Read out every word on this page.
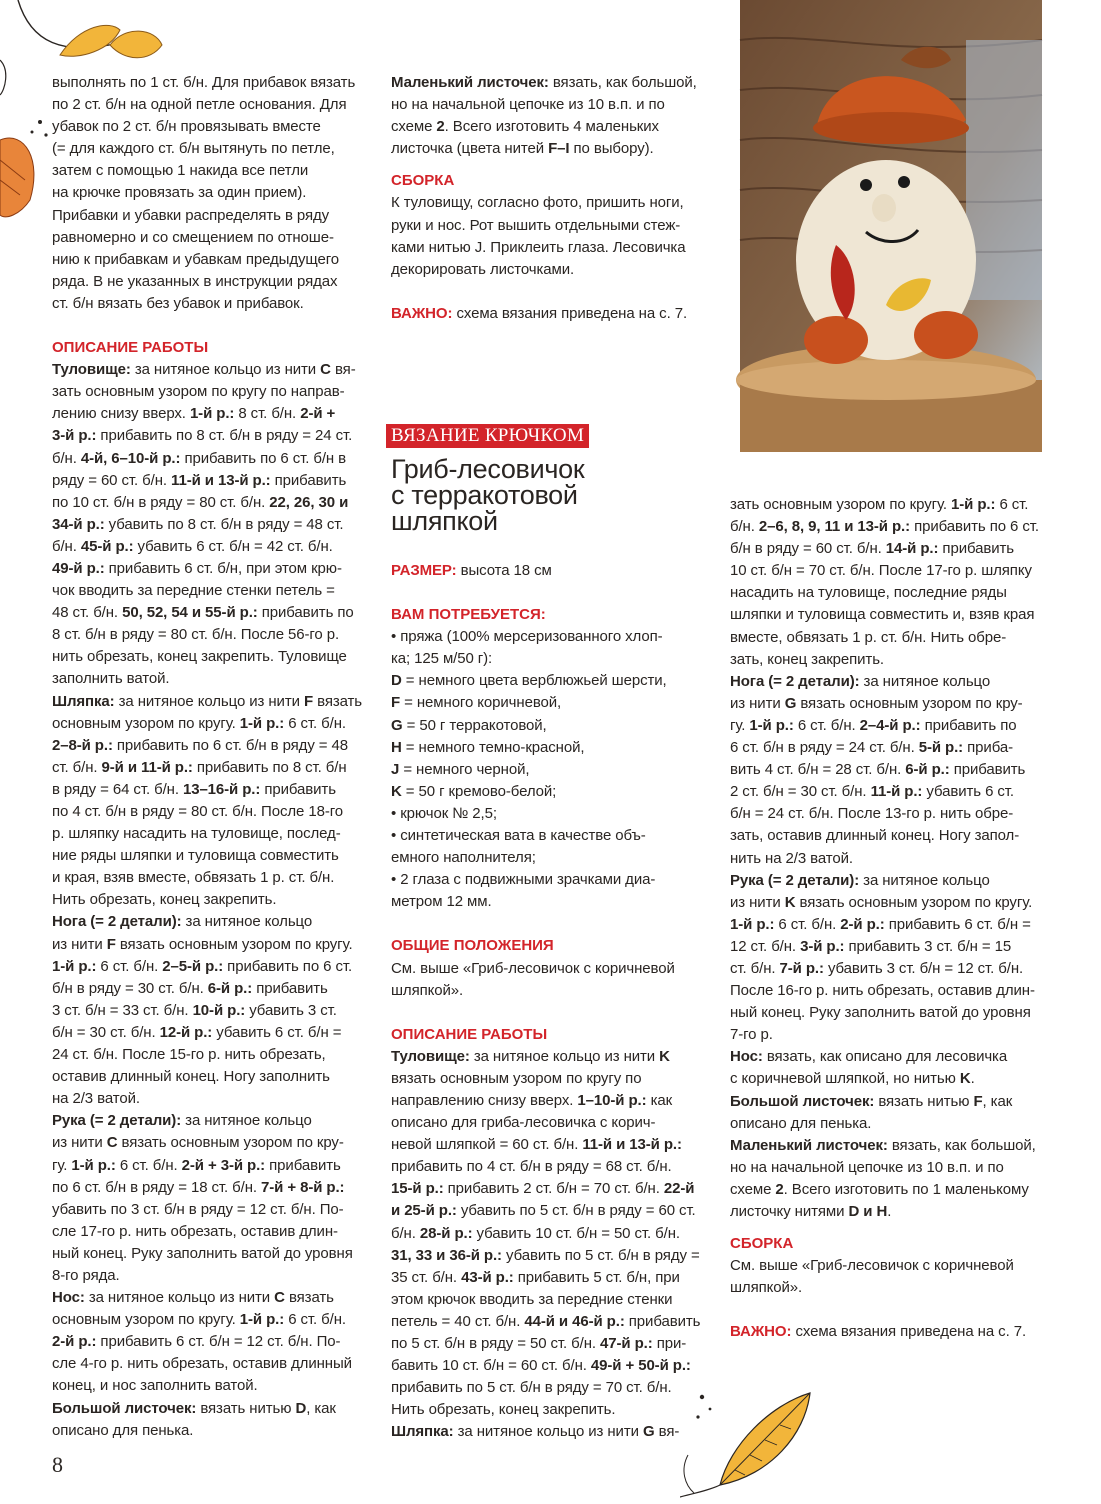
выполнять по 1 ст. б/н. Для прибавок вязать

по 2 ст. б/н на одной петле основания. Для

убавок по 2 ст. б/н провязывать вместе

(= для каждого ст. б/н вытянуть по петле,

затем с помощью 1 накида все петли

на крючке провязать за один прием).

Прибавки и убавки распределять в ряду

равномерно и со смещением по отноше-

нию к прибавкам и убавкам предыдущего

ряда. В не указанных в инструкции рядах

ст. б/н вязать без убавок и прибавок.

ОПИСАНИЕ РАБОТЫ

Туловище: за нитяное кольцо из нити C вя-

зать основным узором по кругу по направ-

лению снизу вверх. 1-й р.: 8 ст. б/н. 2-й +

3-й р.: прибавить по 8 ст. б/н в ряду = 24 ст.

б/н. 4-й, 6–10-й р.: прибавить по 6 ст. б/н в

ряду = 60 ст. б/н. 11-й и 13-й р.: прибавить

по 10 ст. б/н в ряду = 80 ст. б/н. 22, 26, 30 и

34-й р.: убавить по 8 ст. б/н в ряду = 48 ст.

б/н. 45-й р.: убавить 6 ст. б/н = 42 ст. б/н.

49-й р.: прибавить 6 ст. б/н, при этом крю-

чок вводить за передние стенки петель =

48 ст. б/н. 50, 52, 54 и 55-й р.: прибавить по

8 ст. б/н в ряду = 80 ст. б/н. После 56-го р.

нить обрезать, конец закрепить. Туловище

заполнить ватой.

Шляпка: за нитяное кольцо из нити F вязать

основным узором по кругу. 1-й р.: 6 ст. б/н.

2–8-й р.: прибавить по 6 ст. б/н в ряду = 48

ст. б/н. 9-й и 11-й р.: прибавить по 8 ст. б/н

в ряду = 64 ст. б/н. 13–16-й р.: прибавить

по 4 ст. б/н в ряду = 80 ст. б/н. После 18-го

р. шляпку насадить на туловище, послед-

ние ряды шляпки и туловища совместить

и края, взяв вместе, обвязать 1 р. ст. б/н.

Нить обрезать, конец закрепить.

Нога (= 2 детали): за нитяное кольцо

из нити F вязать основным узором по кругу.

1-й р.: 6 ст. б/н. 2–5-й р.: прибавить по 6 ст.

б/н в ряду = 30 ст. б/н. 6-й р.: прибавить

3 ст. б/н = 33 ст. б/н. 10-й р.: убавить 3 ст.

б/н = 30 ст. б/н. 12-й р.: убавить 6 ст. б/н =

24 ст. б/н. После 15-го р. нить обрезать,

оставив длинный конец. Ногу заполнить

на 2/3 ватой.

Рука (= 2 детали): за нитяное кольцо

из нити C вязать основным узором по кру-

гу. 1-й р.: 6 ст. б/н. 2-й + 3-й р.: прибавить

по 6 ст. б/н в ряду = 18 ст. б/н. 7-й + 8-й р.:

убавить по 3 ст. б/н в ряду = 12 ст. б/н. По-

сле 17-го р. нить обрезать, оставив длин-

ный конец. Руку заполнить ватой до уровня

8-го ряда.

Нос: за нитяное кольцо из нити C вязать

основным узором по кругу. 1-й р.: 6 ст. б/н.

2-й р.: прибавить 6 ст. б/н = 12 ст. б/н. По-

сле 4-го р. нить обрезать, оставив длинный

конец, и нос заполнить ватой.

Большой листочек: вязать нитью D, как

описано для пенька.

Маленький листочек: вязать, как большой,

но на начальной цепочке из 10 в.п. и по

схеме 2. Всего изготовить 4 маленьких

листочка (цвета нитей F–I по выбору).

СБОРКА

К туловищу, согласно фото, пришить ноги,

руки и нос. Рот вышить отдельными стеж-

ками нитью J. Приклеить глаза. Лесовичка

декорировать листочками.

ВАЖНО: схема вязания приведена на с. 7.

ВЯЗАНИЕ КРЮЧКОМ
Гриб-лесовичок
с терракотовой
шляпкой

РАЗМЕР: высота 18 см

ВАМ ПОТРЕБУЕТСЯ:

• пряжа (100% мерсеризованного хлоп-

ка; 125 м/50 г):

D = немного цвета верблюжьей шерсти,

F = немного коричневой,

G = 50 г терракотовой,

H = немного темно-красной,

J = немного черной,

K = 50 г кремово-белой;

• крючок № 2,5;

• синтетическая вата в качестве объ-

емного наполнителя;

• 2 глаза с подвижными зрачками диа-

метром 12 мм.

ОБЩИЕ ПОЛОЖЕНИЯ

См. выше «Гриб-лесовичок с коричневой

шляпкой».

ОПИСАНИЕ РАБОТЫ

Туловище: за нитяное кольцо из нити K

вязать основным узором по кругу по

направлению снизу вверх. 1–10-й р.: как

описано для гриба-лесовичка с корич-

невой шляпкой = 60 ст. б/н. 11-й и 13-й р.:

прибавить по 4 ст. б/н в ряду = 68 ст. б/н.

15-й р.: прибавить 2 ст. б/н = 70 ст. б/н. 22-й

и 25-й р.: убавить по 5 ст. б/н в ряду = 60 ст.

б/н. 28-й р.: убавить 10 ст. б/н = 50 ст. б/н.

31, 33 и 36-й р.: убавить по 5 ст. б/н в ряду =

35 ст. б/н. 43-й р.: прибавить 5 ст. б/н, при

этом крючок вводить за передние стенки

петель = 40 ст. б/н. 44-й и 46-й р.: прибавить

по 5 ст. б/н в ряду = 50 ст. б/н. 47-й р.: при-

бавить 10 ст. б/н = 60 ст. б/н. 49-й + 50-й р.:

прибавить по 5 ст. б/н в ряду = 70 ст. б/н.

Нить обрезать, конец закрепить.

Шляпка: за нитяное кольцо из нити G вя-

зать основным узором по кругу. 1-й р.: 6 ст.

б/н. 2–6, 8, 9, 11 и 13-й р.: прибавить по 6 ст.

б/н в ряду = 60 ст. б/н. 14-й р.: прибавить

10 ст. б/н = 70 ст. б/н. После 17-го р. шляпку

насадить на туловище, последние ряды

шляпки и туловища совместить и, взяв края

вместе, обвязать 1 р. ст. б/н. Нить обре-

зать, конец закрепить.

Нога (= 2 детали): за нитяное кольцо

из нити G вязать основным узором по кру-

гу. 1-й р.: 6 ст. б/н. 2–4-й р.: прибавить по

6 ст. б/н в ряду = 24 ст. б/н. 5-й р.: приба-

вить 4 ст. б/н = 28 ст. б/н. 6-й р.: прибавить

2 ст. б/н = 30 ст. б/н. 11-й р.: убавить 6 ст.

б/н = 24 ст. б/н. После 13-го р. нить обре-

зать, оставив длинный конец. Ногу запол-

нить на 2/3 ватой.

Рука (= 2 детали): за нитяное кольцо

из нити K вязать основным узором по кругу.

1-й р.: 6 ст. б/н. 2-й р.: прибавить 6 ст. б/н =

12 ст. б/н. 3-й р.: прибавить 3 ст. б/н = 15

ст. б/н. 7-й р.: убавить 3 ст. б/н = 12 ст. б/н.

После 16-го р. нить обрезать, оставив длин-

ный конец. Руку заполнить ватой до уровня

7-го р.

Нос: вязать, как описано для лесовичка

с коричневой шляпкой, но нитью K.

Большой листочек: вязать нитью F, как

описано для пенька.

Маленький листочек: вязать, как большой,

но на начальной цепочке из 10 в.п. и по

схеме 2. Всего изготовить по 1 маленькому

листочку нитями D и H.

СБОРКА

См. выше «Гриб-лесовичок с коричневой

шляпкой».

ВАЖНО: схема вязания приведена на с. 7.

8
